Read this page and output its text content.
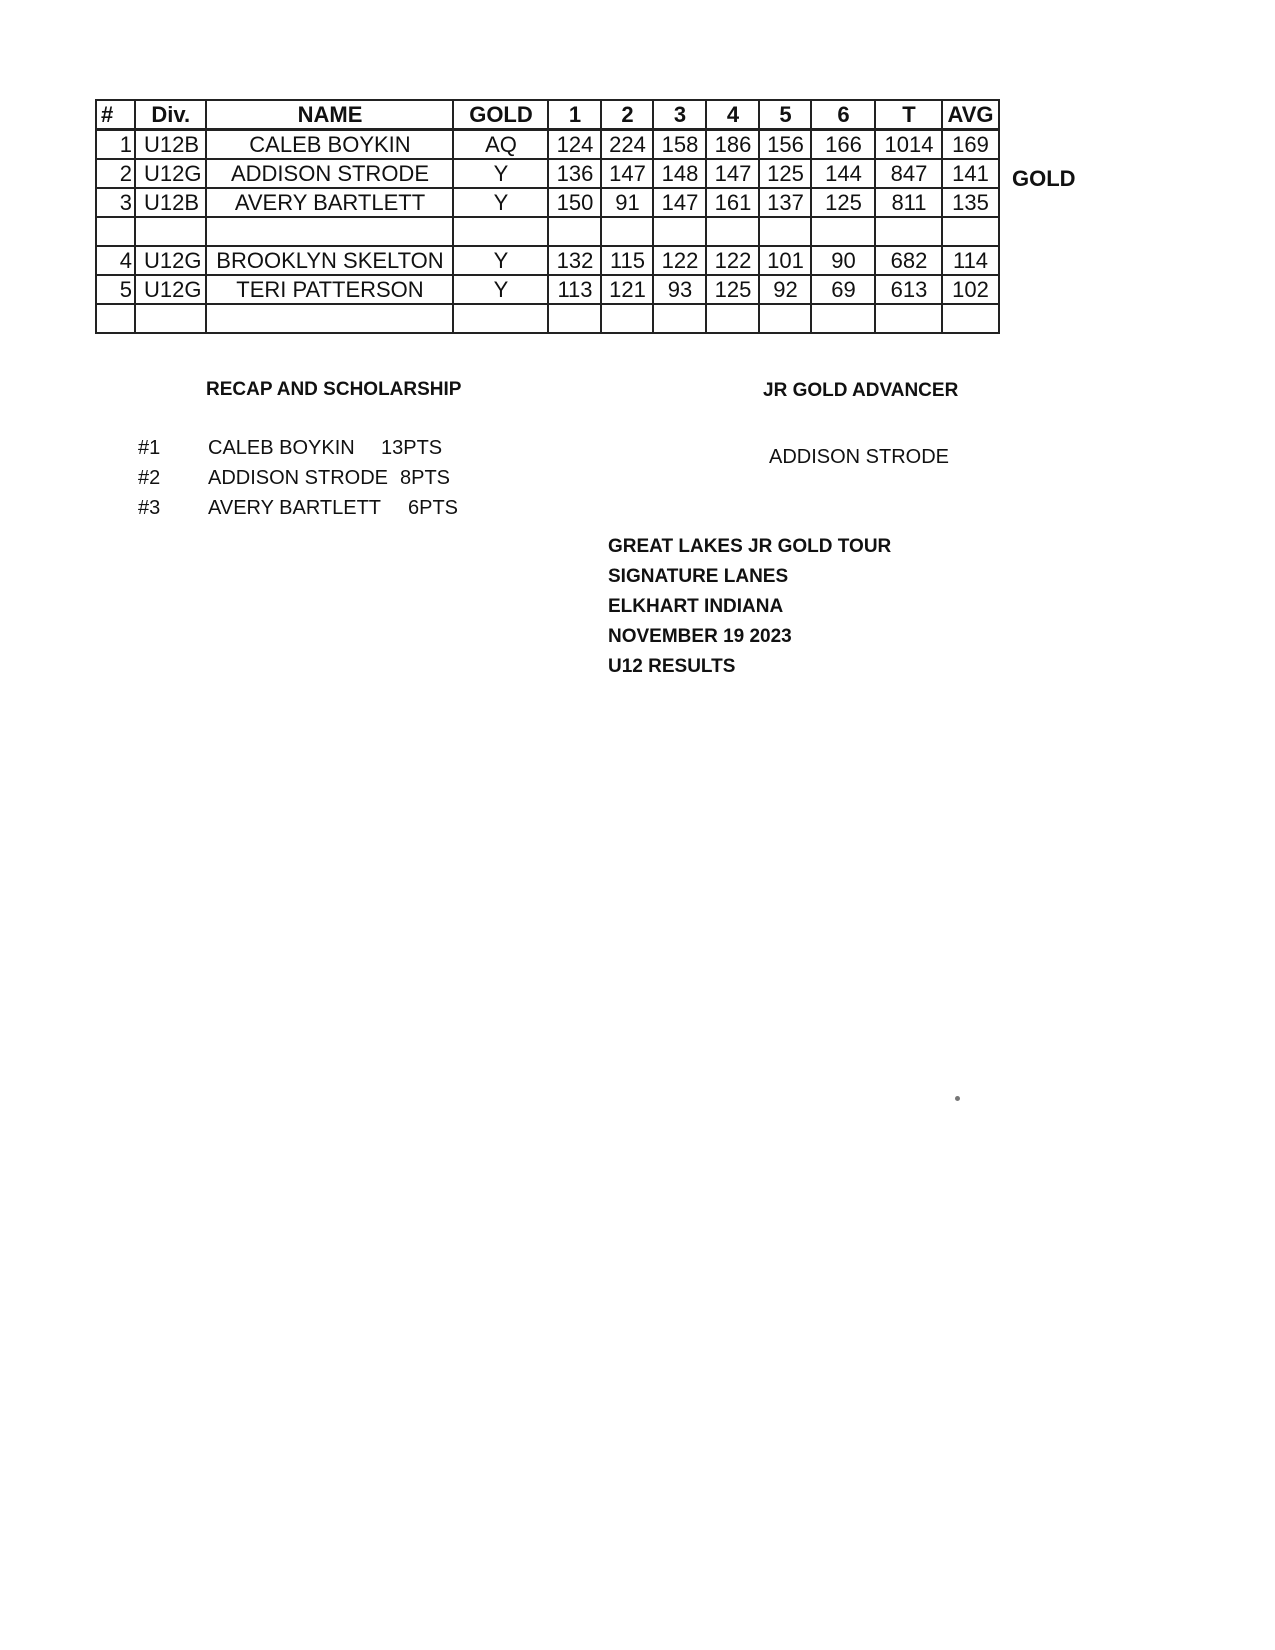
#	Div.	NAME	GOLD	1	2	3	4	5	6	T	AVG
1	U12B	CALEB BOYKIN	AQ	124	224	158	186	156	166	1014	169
2	U12G	ADDISON STRODE	Y	136	147	148	147	125	144	847	141
3	U12B	AVERY BARTLETT	Y	150	91	147	161	137	125	811	135

4	U12G	BROOKLYN SKELTON	Y	132	115	122	122	101	90	682	114
5	U12G	TERI PATTERSON	Y	113	121	93	125	92	69	613	102

GOLD
RECAP AND SCHOLARSHIP
#1 CALEB BOYKIN 13PTS
#2 ADDISON STRODE 8PTS
#3 AVERY BARTLETT 6PTS
JR GOLD ADVANCER
ADDISON STRODE
GREAT LAKES JR GOLD TOUR
SIGNATURE LANES
ELKHART INDIANA
NOVEMBER 19 2023
U12 RESULTS
